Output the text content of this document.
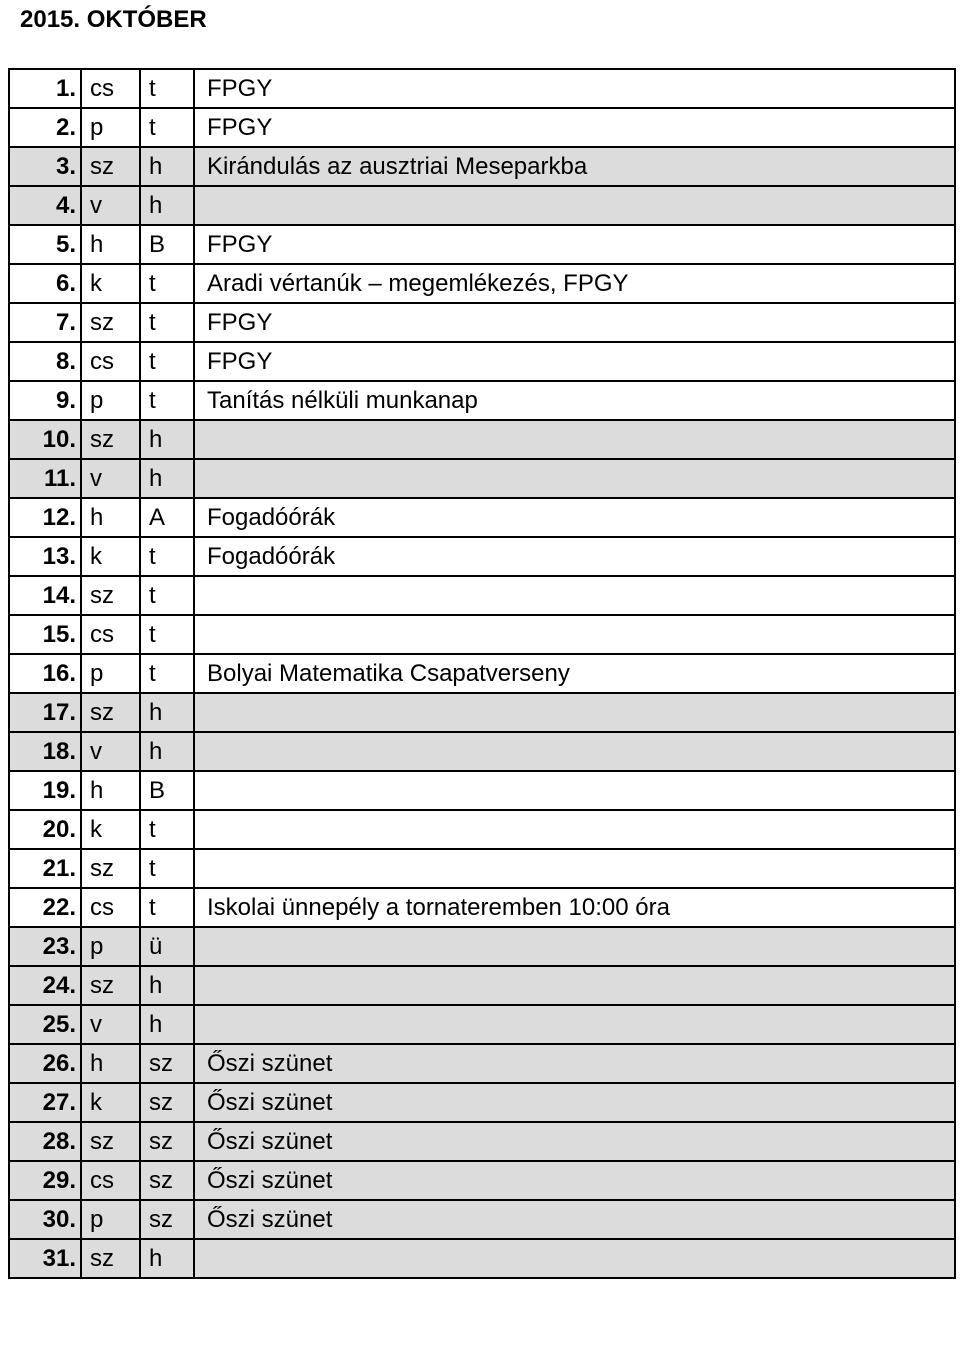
2015. OKTÓBER
1.	cs	t	FPGY
2.	p	t	FPGY
3.	sz	h	Kirándulás az ausztriai Meseparkba
4.	v	h	
5.	h	B	FPGY
6.	k	t	Aradi vértanúk – megemlékezés, FPGY
7.	sz	t	FPGY
8.	cs	t	FPGY
9.	p	t	Tanítás nélküli munkanap
10.	sz	h	
11.	v	h	
12.	h	A	Fogadóórák
13.	k	t	Fogadóórák
14.	sz	t	
15.	cs	t	
16.	p	t	Bolyai Matematika Csapatverseny
17.	sz	h	
18.	v	h	
19.	h	B	
20.	k	t	
21.	sz	t	
22.	cs	t	Iskolai ünnepély a tornateremben 10:00 óra
23.	p	ü	
24.	sz	h	
25.	v	h	
26.	h	sz	Őszi szünet
27.	k	sz	Őszi szünet
28.	sz	sz	Őszi szünet
29.	cs	sz	Őszi szünet
30.	p	sz	Őszi szünet
31.	sz	h	
